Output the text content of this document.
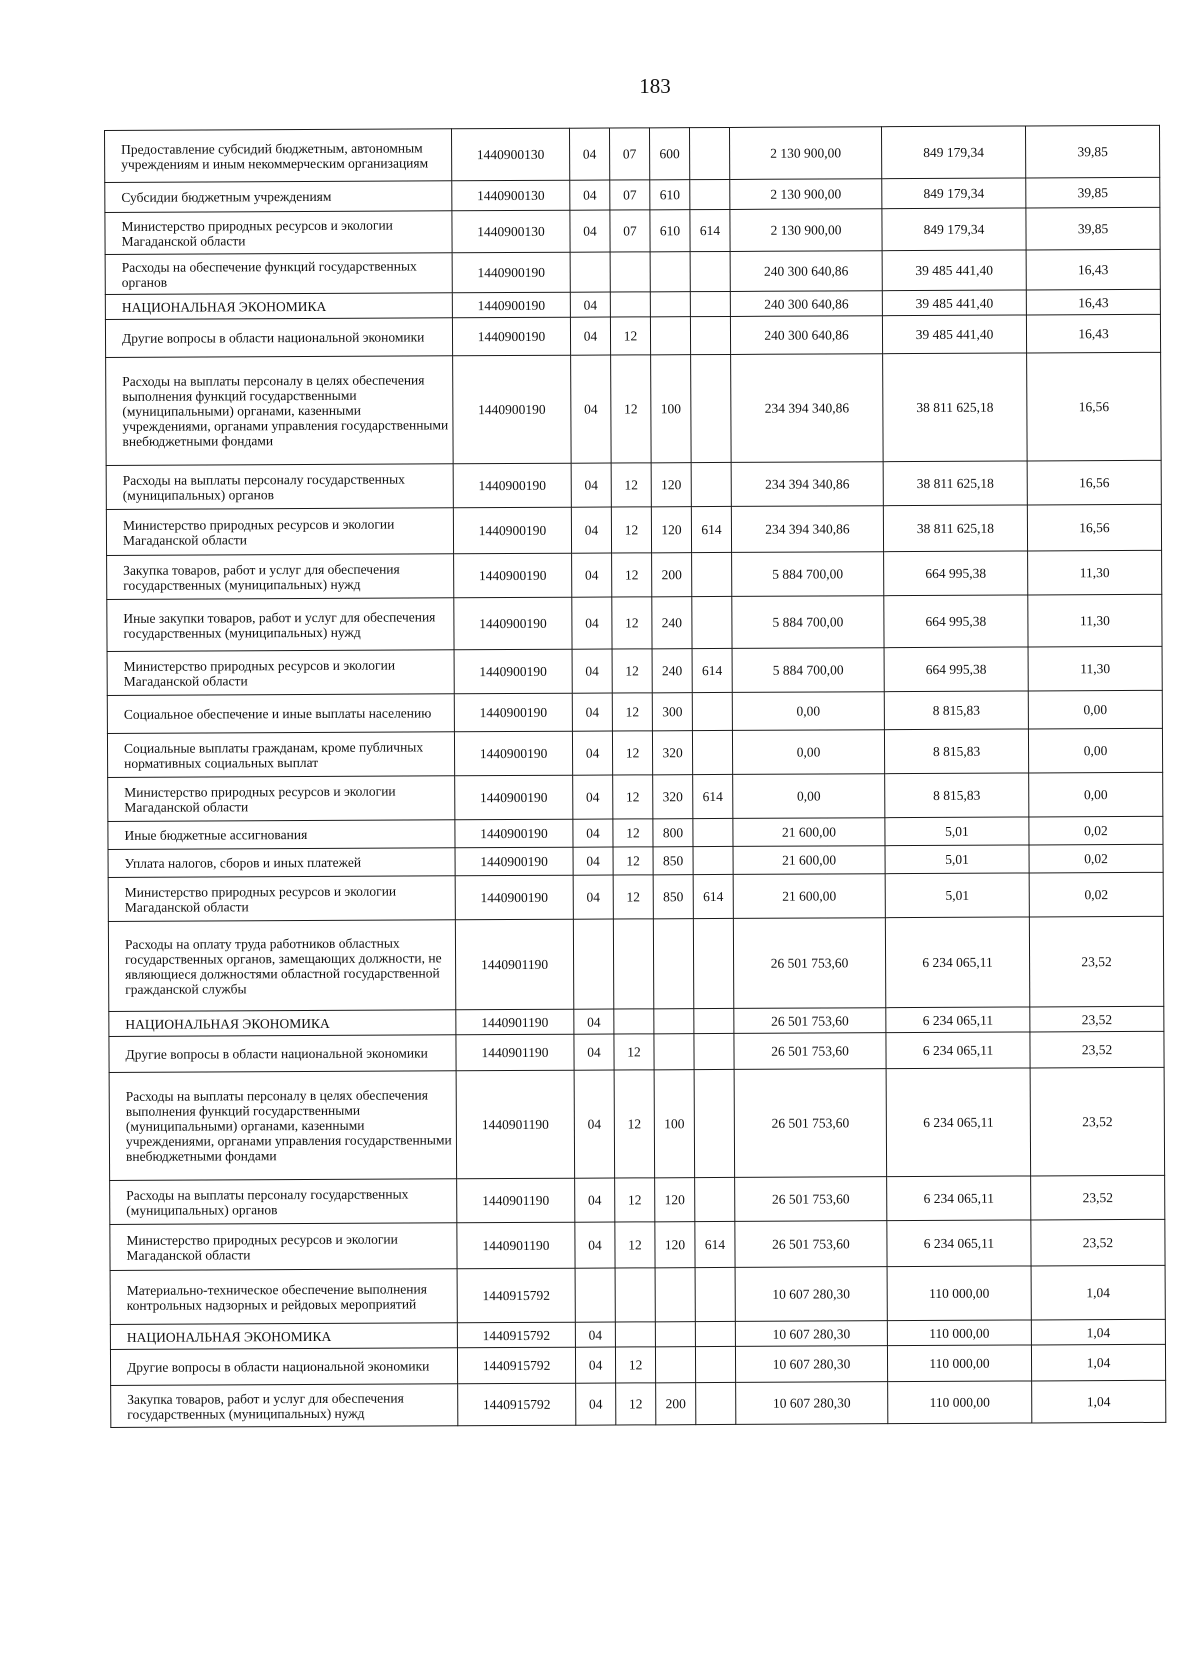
183
Предоставление субсидий бюджетным, автономным учреждениям и иным некоммерческим организациям	1440900130	04	07	600		2 130 900,00	849 179,34	39,85
Субсидии бюджетным учреждениям	1440900130	04	07	610		2 130 900,00	849 179,34	39,85
Министерство природных ресурсов и экологии Магаданской области	1440900130	04	07	610	614	2 130 900,00	849 179,34	39,85
Расходы на обеспечение функций государственных органов	1440900190					240 300 640,86	39 485 441,40	16,43
НАЦИОНАЛЬНАЯ ЭКОНОМИКА	1440900190	04				240 300 640,86	39 485 441,40	16,43
Другие вопросы в области национальной экономики	1440900190	04	12			240 300 640,86	39 485 441,40	16,43
Расходы на выплаты персоналу в целях обеспечения выполнения функций государственными (муниципальными) органами, казенными учреждениями, органами управления государственными внебюджетными фондами	1440900190	04	12	100		234 394 340,86	38 811 625,18	16,56
Расходы на выплаты персоналу государственных (муниципальных) органов	1440900190	04	12	120		234 394 340,86	38 811 625,18	16,56
Министерство природных ресурсов и экологии Магаданской области	1440900190	04	12	120	614	234 394 340,86	38 811 625,18	16,56
Закупка товаров, работ и услуг для обеспечения государственных (муниципальных) нужд	1440900190	04	12	200		5 884 700,00	664 995,38	11,30
Иные закупки товаров, работ и услуг для обеспечения государственных (муниципальных) нужд	1440900190	04	12	240		5 884 700,00	664 995,38	11,30
Министерство природных ресурсов и экологии Магаданской области	1440900190	04	12	240	614	5 884 700,00	664 995,38	11,30
Социальное обеспечение и иные выплаты населению	1440900190	04	12	300		0,00	8 815,83	0,00
Социальные выплаты гражданам, кроме публичных нормативных социальных выплат	1440900190	04	12	320		0,00	8 815,83	0,00
Министерство природных ресурсов и экологии Магаданской области	1440900190	04	12	320	614	0,00	8 815,83	0,00
Иные бюджетные ассигнования	1440900190	04	12	800		21 600,00	5,01	0,02
Уплата налогов, сборов и иных платежей	1440900190	04	12	850		21 600,00	5,01	0,02
Министерство природных ресурсов и экологии Магаданской области	1440900190	04	12	850	614	21 600,00	5,01	0,02
Расходы на оплату труда работников областных государственных органов, замещающих должности, не являющиеся должностями областной государственной гражданской службы	1440901190					26 501 753,60	6 234 065,11	23,52
НАЦИОНАЛЬНАЯ ЭКОНОМИКА	1440901190	04				26 501 753,60	6 234 065,11	23,52
Другие вопросы в области национальной экономики	1440901190	04	12			26 501 753,60	6 234 065,11	23,52
Расходы на выплаты персоналу в целях обеспечения выполнения функций государственными (муниципальными) органами, казенными учреждениями, органами управления государственными внебюджетными фондами	1440901190	04	12	100		26 501 753,60	6 234 065,11	23,52
Расходы на выплаты персоналу государственных (муниципальных) органов	1440901190	04	12	120		26 501 753,60	6 234 065,11	23,52
Министерство природных ресурсов и экологии Магаданской области	1440901190	04	12	120	614	26 501 753,60	6 234 065,11	23,52
Материально-техническое обеспечение выполнения контрольных надзорных и рейдовых мероприятий	1440915792					10 607 280,30	110 000,00	1,04
НАЦИОНАЛЬНАЯ ЭКОНОМИКА	1440915792	04				10 607 280,30	110 000,00	1,04
Другие вопросы в области национальной экономики	1440915792	04	12			10 607 280,30	110 000,00	1,04
Закупка товаров, работ и услуг для обеспечения государственных (муниципальных) нужд	1440915792	04	12	200		10 607 280,30	110 000,00	1,04
